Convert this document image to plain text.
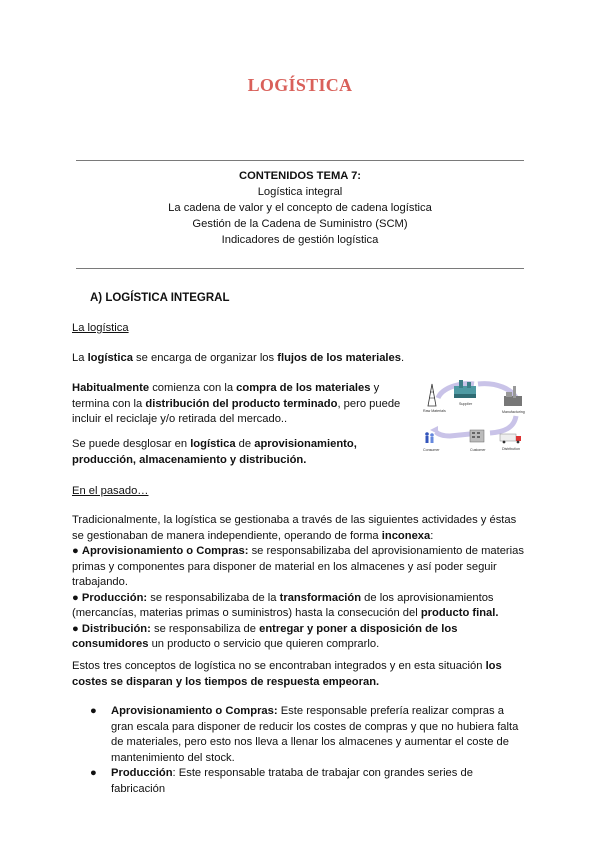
LOGÍSTICA
CONTENIDOS TEMA 7:
Logística integral
La cadena de valor y el concepto de cadena logística
Gestión de la Cadena de Suministro (SCM)
Indicadores de gestión logística
A) LOGÍSTICA INTEGRAL
La logística
La logística se encarga de organizar los flujos de los materiales.
Habitualmente comienza con la compra de los materiales y termina con la distribución del producto terminado, pero puede incluir el reciclaje y/o retirada del mercado..
Se puede desglosar en logística de aprovisionamiento, producción, almacenamiento y distribución.
Raw Materials
Supplier
Manufacturing
Distribution
Customer
Consumer
En el pasado…
Tradicionalmente, la logística se gestionaba a través de las siguientes actividades y éstas se gestionaban de manera independiente, operando de forma inconexa:
● Aprovisionamiento o Compras: se responsabilizaba del aprovisionamiento de materias primas y componentes para disponer de material en los almacenes y así poder seguir trabajando.
● Producción: se responsabilizaba de la transformación de los aprovisionamientos (mercancías, materias primas o suministros) hasta la consecución del producto final.
● Distribución: se responsabiliza de entregar y poner a disposición de los consumidores un producto o servicio que quieren comprarlo.
Estos tres conceptos de logística no se encontraban integrados y en esta situación los costes se disparan y los tiempos de respuesta empeoran.
● Aprovisionamiento o Compras: Este responsable prefería realizar compras a gran escala para disponer de reducir los costes de compras y que no hubiera falta de materiales, pero esto nos lleva a llenar los almacenes y aumentar el coste de mantenimiento del stock.
● Producción: Este responsable trataba de trabajar con grandes series de fabricación
